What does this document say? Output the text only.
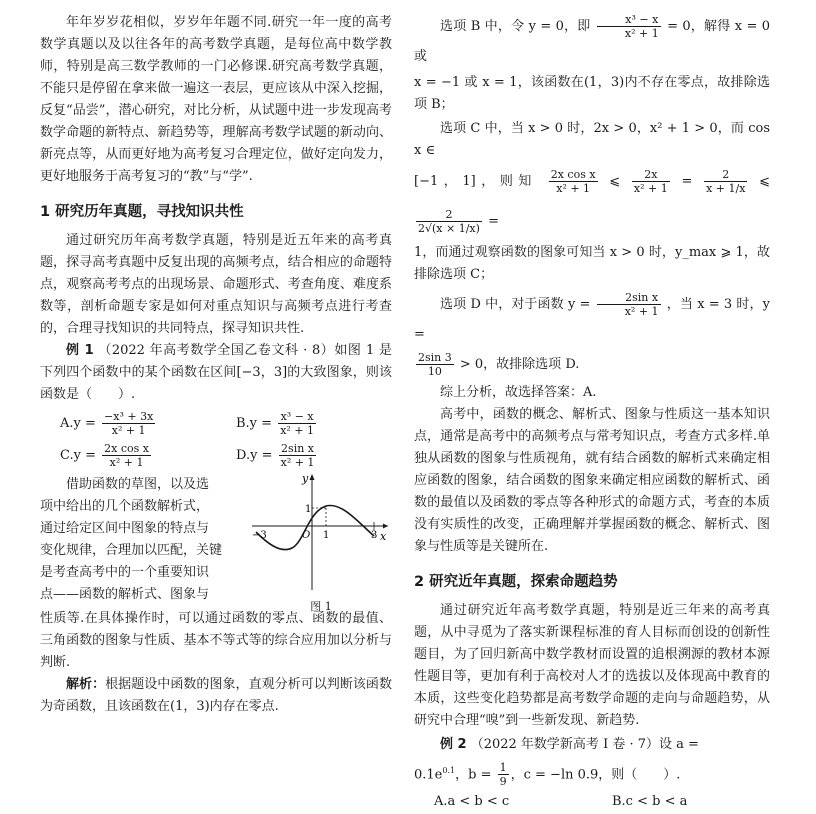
年年岁岁花相似，岁岁年年题不同.研究一年一度的高考数学真题以及以往各年的高考数学真题，是每位高中数学教师，特别是高三数学教师的一门必修课.研究高考数学真题，不能只是停留在拿来做一遍这一表层，更应该从中深入挖掘，反复“品尝”，潜心研究，对比分析，从试题中进一步发现高考数学命题的新特点、新趋势等，理解高考数学试题的新动向、新亮点等，从而更好地为高考复习合理定位，做好定向发力，更好地服务于高考复习的“教”与“学”.

1 研究历年真题，寻找知识共性

通过研究历年高考数学真题，特别是近五年来的高考真题，探寻高考真题中反复出现的高频考点，结合相应的命题特点，观察高考考点的出现场景、命题形式、考查角度、难度系数等，剖析命题专家是如何对重点知识与高频考点进行考查的，合理寻找知识的共同特点，探寻知识共性.

例 1 （2022 年高考数学全国乙卷文科 · 8）如图 1 是下列四个函数中的某个函数在区间[−3，3]的大致图象，则该函数是（　　）.

$A.y = \frac{\text{−x³ + 3x}}{\text{x² + 1}}$	$B.y = \frac{\text{x³ − x}}{\text{x² + 1}}$
$C.y = \frac{\text{2x cos x}}{\text{x² + 1}}$	$D.y = \frac{\text{2sin x}}{\text{x² + 1}}$

借助函数的草图，以及选

项中给出的几个函数解析式，

通过给定区间中图象的特点与

变化规律，合理加以匹配，关键

是考查高考中的一个重要知识

点——函数的解析式、图象与

y
x
O 1
1
−3	3
图 1

性质等.在具体操作时，可以通过函数的零点、函数的最值、三角函数的图象与性质、基本不等式等的综合应用加以分析与判断.

解析：根据题设中函数的图象，直观分析可以判断该函数为奇函数，且该函数在(1，3)内存在零点.

选项 B 中，令 y = 0，即 $\frac{\text{x³ − x}}{\text{x² + 1}} = 0$，解得 x = 0 或

x = −1 或 x = 1，该函数在(1，3)内不存在零点，故排除选项 B；

选项 C 中，当 x > 0 时，2x > 0，x² + 1 > 0，而 cos x ∈

[−1，1]，则知 $\frac{\text{2x cos x}}{\text{x² + 1}}$ ⩽ $\frac{2x}{\text{x² + 1}} = \frac{2}{x + 1/x}$ ⩽
$\frac{2}{2√(x \times 1/x)}$ =

1，而通过观察函数的图象可知当 x > 0 时，y_max ⩾ 1，故排除选项 C；

选项 D 中，对于函数 $y = \frac{\text{2sin x}}{\text{x² + 1}}$ ，当 x = 3 时，y =

$\frac{2\sin 3}{10} > 0$，故排除选项 D.

综上分析，故选择答案：A.

高考中，函数的概念、解析式、图象与性质这一基本知识点，通常是高考中的高频考点与常考知识点，考查方式多样.单独从函数的图象与性质视角，就有结合函数的解析式来确定相应函数的图象，结合函数的图象来确定相应函数的解析式、函数的最值以及函数的零点等各种形式的命题方式，考查的本质没有实质性的改变，正确理解并掌握函数的概念、解析式、图象与性质等是关键所在.

2 研究近年真题，探索命题趋势

通过研究近年高考数学真题，特别是近三年来的高考真题，从中寻觅为了落实新课程标准的育人目标而创设的创新性题目，为了回归新高中数学教材而设置的追根溯源的教材本源性题目等，更加有利于高校对人才的选拔以及体现高中教育的本质，这些变化趋势都是高考数学命题的走向与命题趋势，从研究中合理“嗅”到一些新发现、新趋势.

例 2 （2022 年数学新高考 Ⅰ 卷 · 7）设 a =

$0.1e^{0.1}$，$b = \frac{1}{9}$ ，c = −ln 0.9，则（　　）.

A.a < b < c	B.c < b < a
